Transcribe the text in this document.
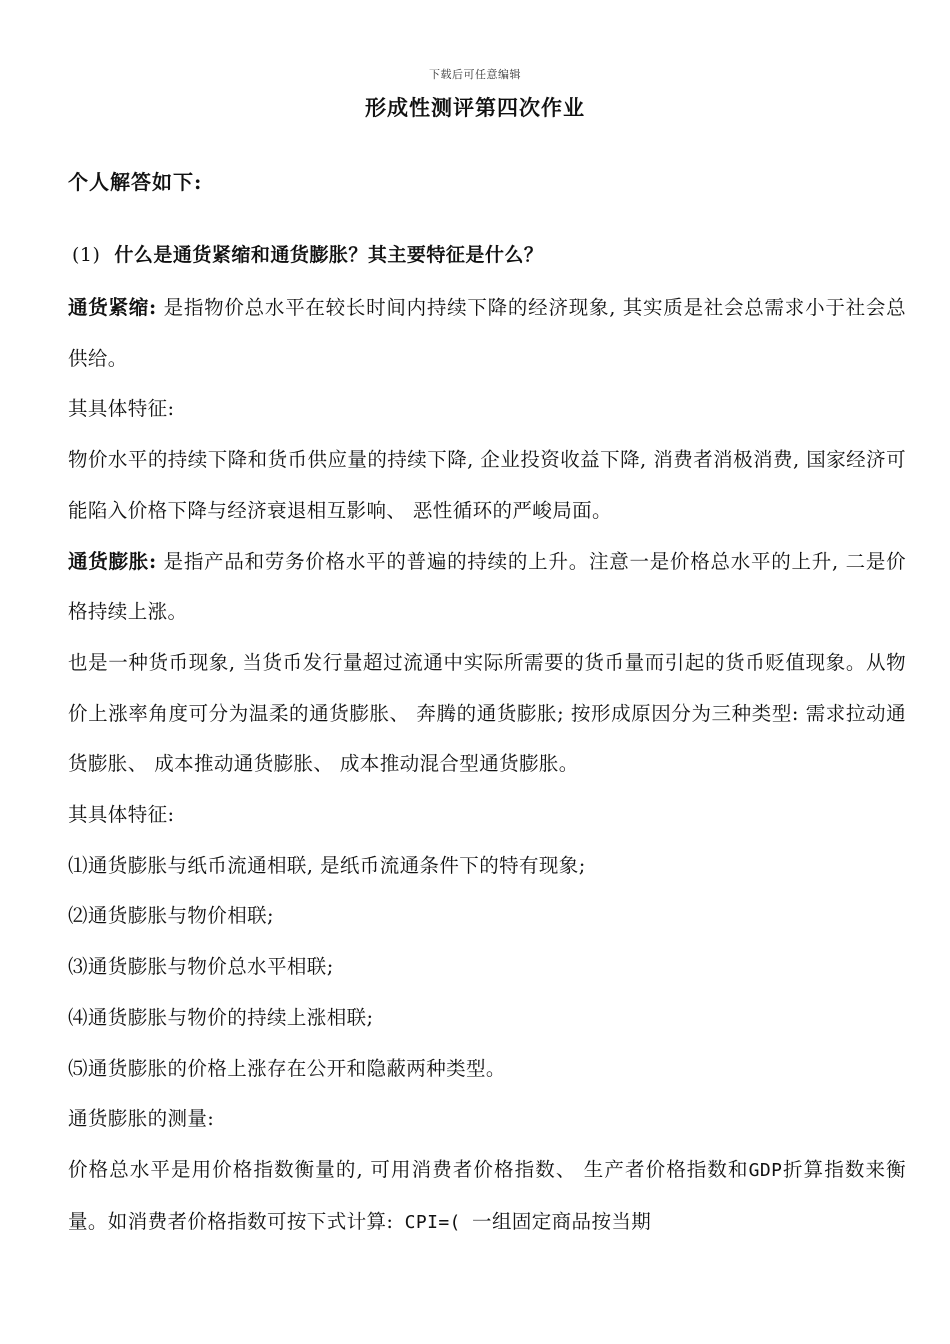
下载后可任意编辑
形成性测评第四次作业
个人解答如下:
(1) 什么是通货紧缩和通货膨胀？其主要特征是什么？

通货紧缩: 是指物价总水平在较长时间内持续下降的经济现象, 其实质是社会总需求小于社会总供给。

其具体特征:

物价水平的持续下降和货币供应量的持续下降, 企业投资收益下降, 消费者消极消费, 国家经济可能陷入价格下降与经济衰退相互影响、 恶性循环的严峻局面。

通货膨胀: 是指产品和劳务价格水平的普遍的持续的上升。注意一是价格总水平的上升, 二是价格持续上涨。

也是一种货币现象, 当货币发行量超过流通中实际所需要的货币量而引起的货币贬值现象。从物价上涨率角度可分为温柔的通货膨胀、 奔腾的通货膨胀; 按形成原因分为三种类型: 需求拉动通货膨胀、 成本推动通货膨胀、 成本推动混合型通货膨胀。

其具体特征:

⑴通货膨胀与纸币流通相联, 是纸币流通条件下的特有现象;

⑵通货膨胀与物价相联;

⑶通货膨胀与物价总水平相联;

⑷通货膨胀与物价的持续上涨相联;

⑸通货膨胀的价格上涨存在公开和隐蔽两种类型。

通货膨胀的测量:

价格总水平是用价格指数衡量的, 可用消费者价格指数、 生产者价格指数和GDP折算指数来衡量。如消费者价格指数可按下式计算: CPI=( 一组固定商品按当期
